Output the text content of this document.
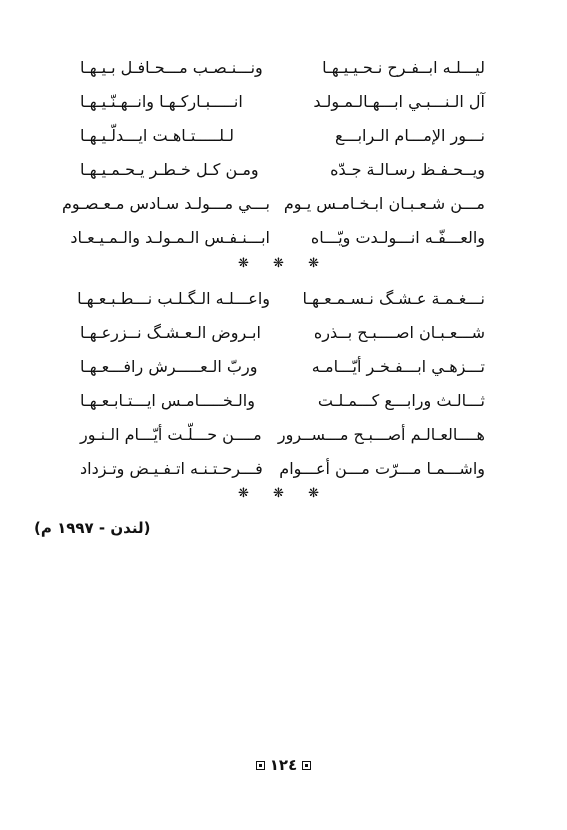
ليـــلـه ابــفـرح نـحـيـيـهـا
ونـــنـصـب مـــحـافـل بـيـهـا
آل الـنـــبـي ابـــهـالـمـولـد
انـــــبـاركـهـا وانــهـنّـيـهـا
نـــور الإمـــام الـرابـــع
لـلـــــتـاهـت ايـــدلّـيـهـا
ويــحـفـظ رسـالـة جـدّه
ومـن كـل خـطـر يـحـمـيـهـا
مـــن شـعـبـان ابـخـامـس يـوم
بـــي مـــولـد سـادس مـعـصـوم
والعـــفّـه انـــولـدت ويّـــاه
ابـــنـفـس الـمـولـد والـمـيـعـاد
❋ ❋ ❋
نـــغـمـة عـشـگ نـسـمـعـهـا
واعـــلـه الـگـلـب نـــطـبـعـهـا
شـــعـبـان اصــــبـح بــذره
ابـروض الـعـشـگ نــزرعـهـا
تـــزهـي ابـــفـخـر أيّـــامـه
وربّ الـعـــــرش رافـــعـهـا
ثـــالـث ورابـــع كـــمـلـت
والـخـــــامـس ايـــتـابـعـهـا
هــــالعـالـم أصـــبـح مـــســرور
مــــن حـــلّـت أيّـــام الـنـور
واشـــمـا مـــرّت مـــن أعـــوام
فـــرحـتـنـه اتـفـيـض وتـزداد
❋ ❋ ❋
(لندن - ١٩٩٧ م)
١٢٤
